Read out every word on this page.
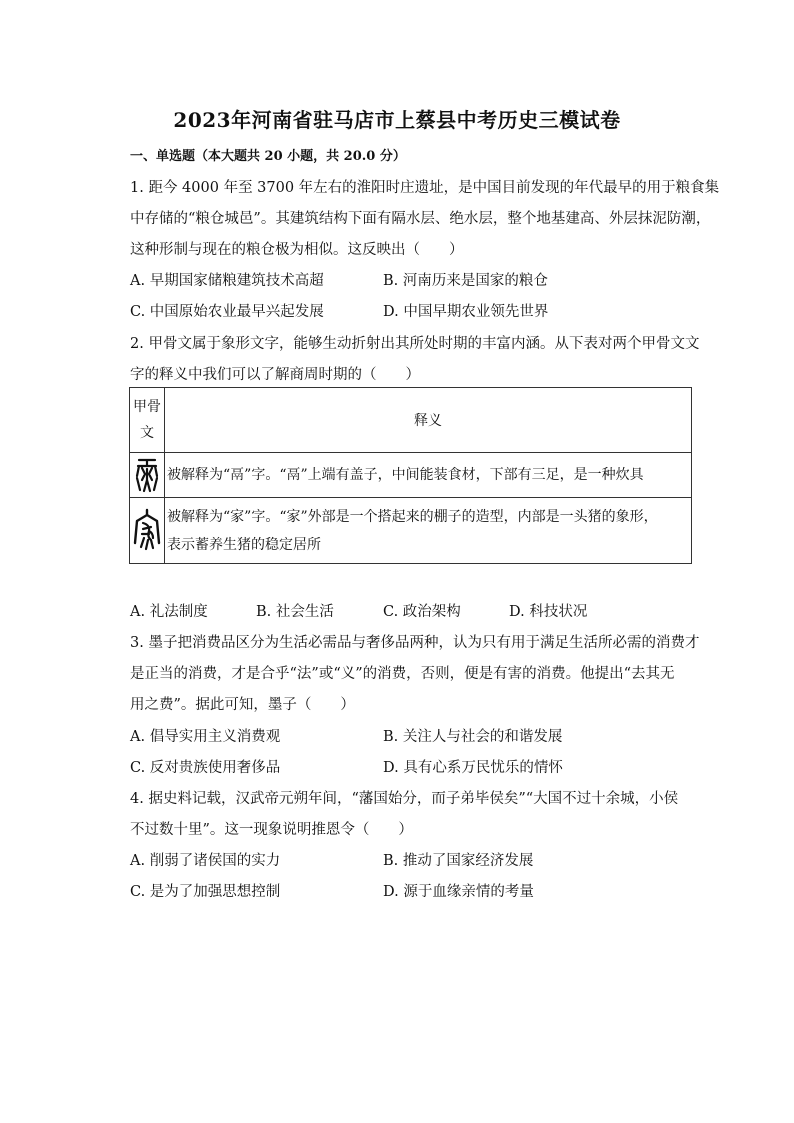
2023年河南省驻马店市上蔡县中考历史三模试卷
一、单选题（本大题共 20 小题，共 20.0 分）
1. 距今 4000 年至 3700 年左右的淮阳时庄遗址，是中国目前发现的年代最早的用于粮食集
中存储的“粮仓城邑”。其建筑结构下面有隔水层、绝水层，整个地基建高、外层抹泥防潮，
这种形制与现在的粮仓极为相似。这反映出（　　）
A. 早期国家储粮建筑技术高超	B. 河南历来是国家的粮仓
C. 中国原始农业最早兴起发展	D. 中国早期农业领先世界
2. 甲骨文属于象形文字，能够生动折射出其所处时期的丰富内涵。从下表对两个甲骨文文
字的释义中我们可以了解商周时期的（　　）
甲骨
文	释义

	被解释为“鬲”字。“鬲”上端有盖子，中间能装食材，下部有三足，是一种炊具

被解释为“家”字。“家”外部是一个搭起来的棚子的造型，内部是一头猪的象形，
表示蓄养生猪的稳定居所
A. 礼法制度	B. 社会生活	C. 政治架构	D. 科技状况
3. 墨子把消费品区分为生活必需品与奢侈品两种，认为只有用于满足生活所必需的消费才
是正当的消费，才是合乎“法”或“义”的消费，否则，便是有害的消费。他提出“去其无
用之费”。据此可知，墨子（　　）
A. 倡导实用主义消费观	B. 关注人与社会的和谐发展
C. 反对贵族使用奢侈品	D. 具有心系万民忧乐的情怀
4. 据史料记载，汉武帝元朔年间，“藩国始分，而子弟毕侯矣”“大国不过十余城，小侯
不过数十里”。这一现象说明推恩令（　　）
A. 削弱了诸侯国的实力	B. 推动了国家经济发展
C. 是为了加强思想控制	D. 源于血缘亲情的考量
